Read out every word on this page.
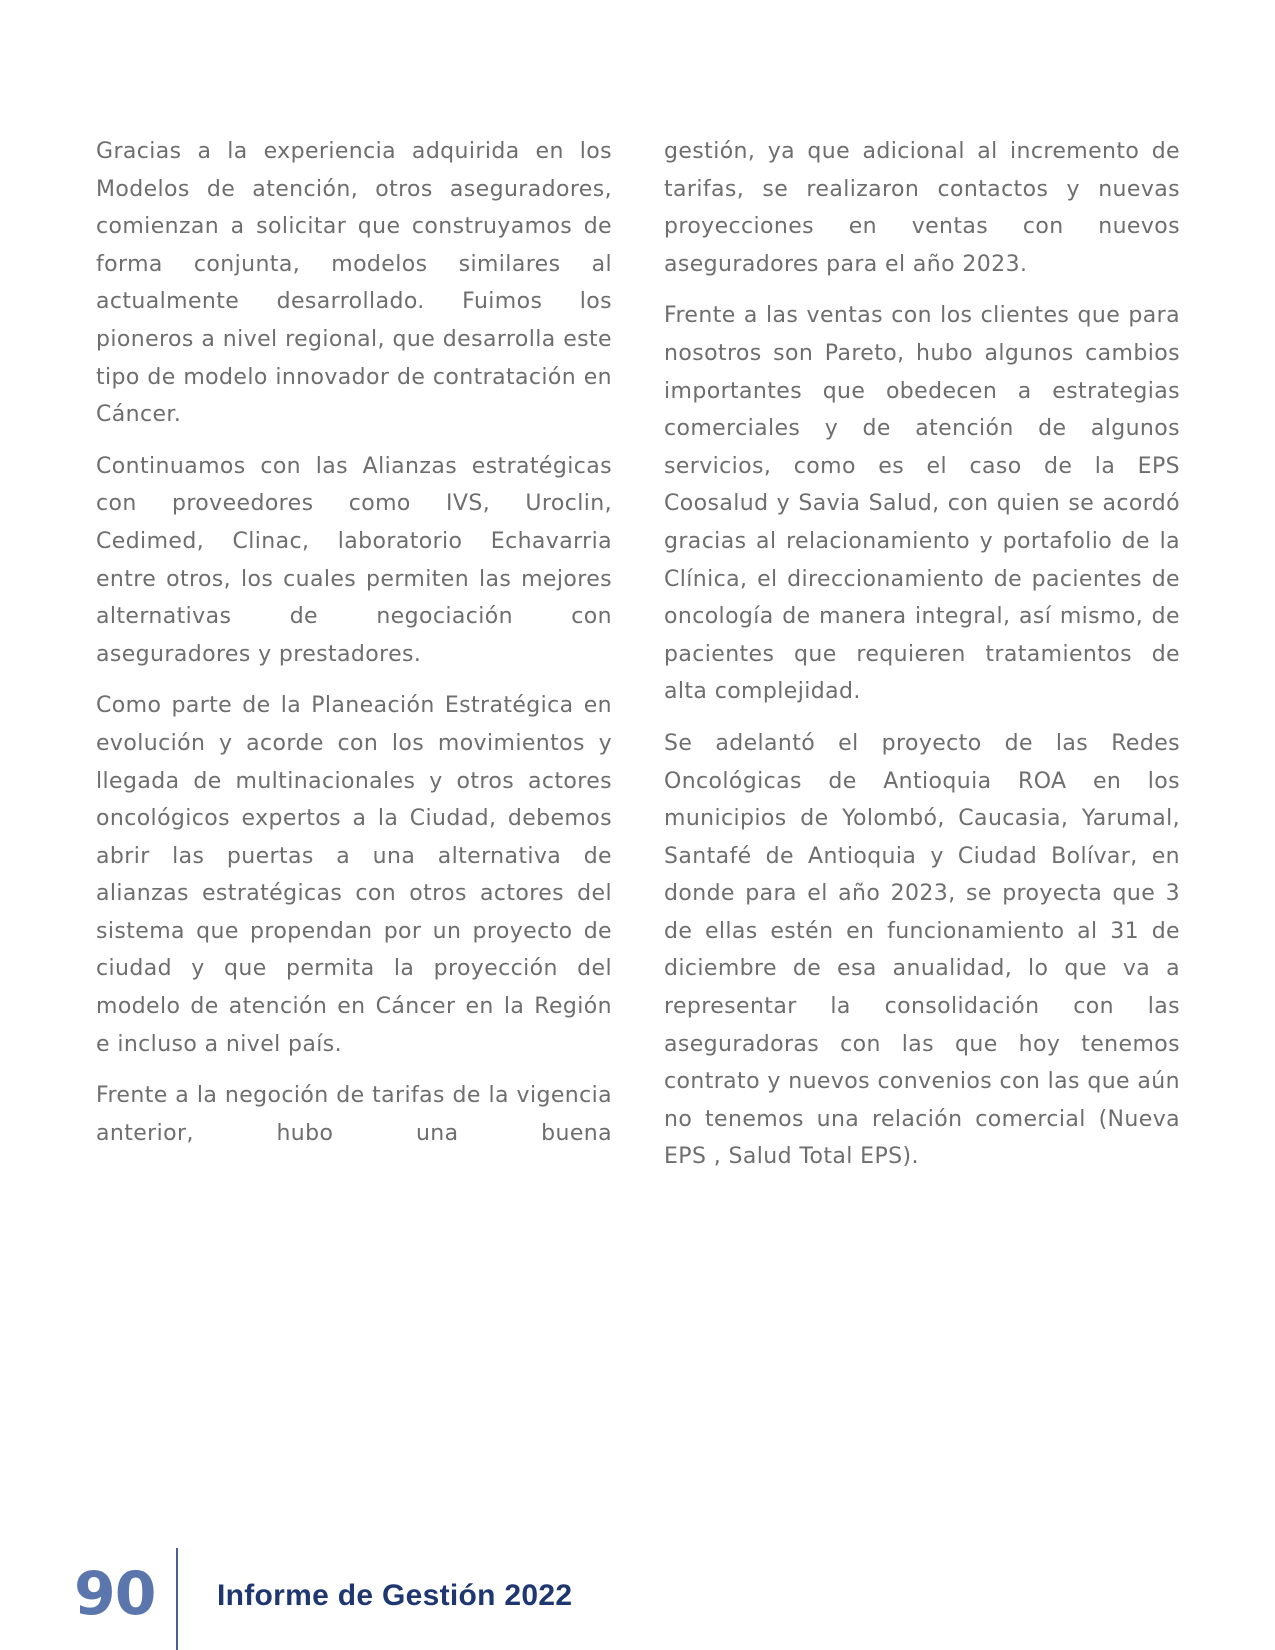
Gracias a la experiencia adquirida en los Modelos de atención, otros aseguradores, comienzan a solicitar que construyamos de forma conjunta, modelos similares al actualmente desarrollado. Fuimos los pioneros a nivel regional, que desarrolla este tipo de modelo innovador de contratación en Cáncer.

Continuamos con las Alianzas estratégicas con proveedores como IVS, Uroclin, Cedimed, Clinac, laboratorio Echavarria entre otros, los cuales permiten las mejores alternativas de negociación con aseguradores y prestadores.

Como parte de la Planeación Estratégica en evolución y acorde con los movimientos y llegada de multinacionales y otros actores oncológicos expertos a la Ciudad, debemos abrir las puertas a una alternativa de alianzas estratégicas con otros actores del sistema que propendan por un proyecto de ciudad y que permita la proyección del modelo de atención en Cáncer en la Región e incluso a nivel país.

Frente a la negoción de tarifas de la vigencia anterior, hubo una buena

gestión, ya que adicional al incremento de tarifas, se realizaron contactos y nuevas proyecciones en ventas con nuevos aseguradores para el año 2023.

Frente a las ventas con los clientes que para nosotros son Pareto, hubo algunos cambios importantes que obedecen a estrategias comerciales y de atención de algunos servicios, como es el caso de la EPS Coosalud y Savia Salud, con quien se acordó gracias al relacionamiento y portafolio de la Clínica, el direccionamiento de pacientes de oncología de manera integral, así mismo, de pacientes que requieren tratamientos de alta complejidad.

Se adelantó el proyecto de las Redes Oncológicas de Antioquia ROA en los municipios de Yolombó, Caucasia, Yarumal, Santafé de Antioquia y Ciudad Bolívar, en donde para el año 2023, se proyecta que 3 de ellas estén en funcionamiento al 31 de diciembre de esa anualidad, lo que va a representar la consolidación con las aseguradoras con las que hoy tenemos contrato y nuevos convenios con las que aún no tenemos una relación comercial (Nueva EPS , Salud Total EPS).

90 Informe de Gestión 2022
